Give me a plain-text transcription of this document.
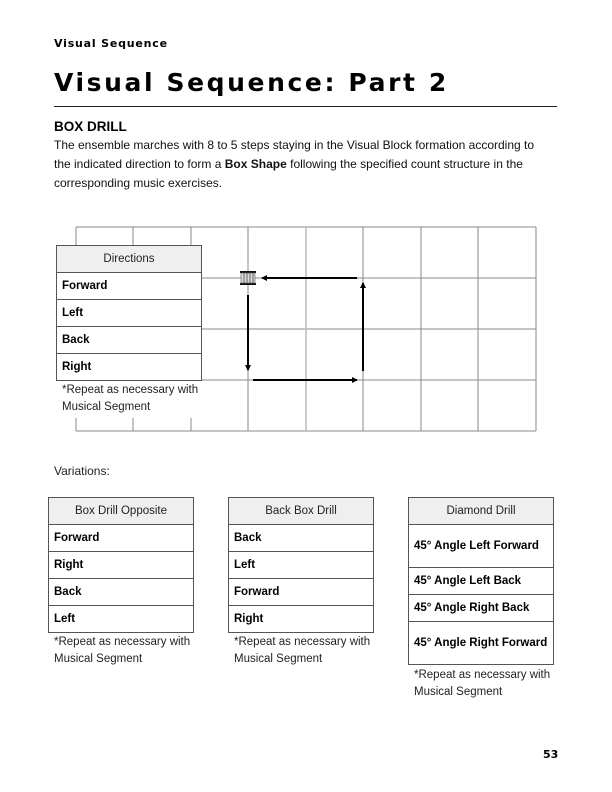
Visual Sequence
Visual Sequence: Part 2
BOX DRILL

The ensemble marches with 8 to 5 steps staying in the Visual Block formation according to the indicated direction to form a Box Shape following the specified count structure in the corresponding music exercises.

Directions
Forward
Left
Back
Right
*Repeat as necessary with
Musical Segment
Variations:
Box Drill Opposite
Forward
Right
Back
Left
*Repeat as necessary with
Musical Segment
Back Box Drill
Back
Left
Forward
Right
*Repeat as necessary with
Musical Segment
Diamond Drill
45° Angle Left Forward
45° Angle Left Back
45° Angle Right Back
45° Angle Right Forward
*Repeat as necessary with
Musical Segment
53
